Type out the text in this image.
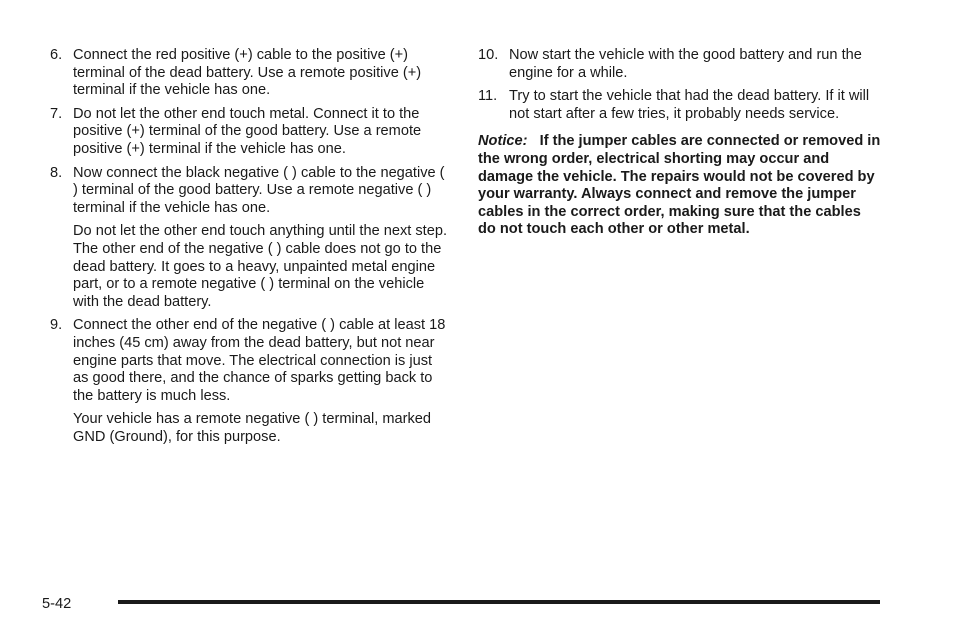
6. Connect the red positive (+) cable to the positive (+) terminal of the dead battery. Use a remote positive (+) terminal if the vehicle has one.

7. Do not let the other end touch metal. Connect it to the positive (+) terminal of the good battery. Use a remote positive (+) terminal if the vehicle has one.

8. Now connect the black negative ( ) cable to the negative ( ) terminal of the good battery. Use a remote negative ( ) terminal if the vehicle has one.

Do not let the other end touch anything until the next step. The other end of the negative ( ) cable does not go to the dead battery. It goes to a heavy, unpainted metal engine part, or to a remote negative ( ) terminal on the vehicle with the dead battery.

9. Connect the other end of the negative ( ) cable at least 18 inches (45 cm) away from the dead battery, but not near engine parts that move. The electrical connection is just as good there, and the chance of sparks getting back to the battery is much less.

Your vehicle has a remote negative ( ) terminal, marked GND (Ground), for this purpose.

10. Now start the vehicle with the good battery and run the engine for a while.

11. Try to start the vehicle that had the dead battery. If it will not start after a few tries, it probably needs service.

Notice: If the jumper cables are connected or removed in the wrong order, electrical shorting may occur and damage the vehicle. The repairs would not be covered by your warranty. Always connect and remove the jumper cables in the correct order, making sure that the cables do not touch each other or other metal.

5-42
